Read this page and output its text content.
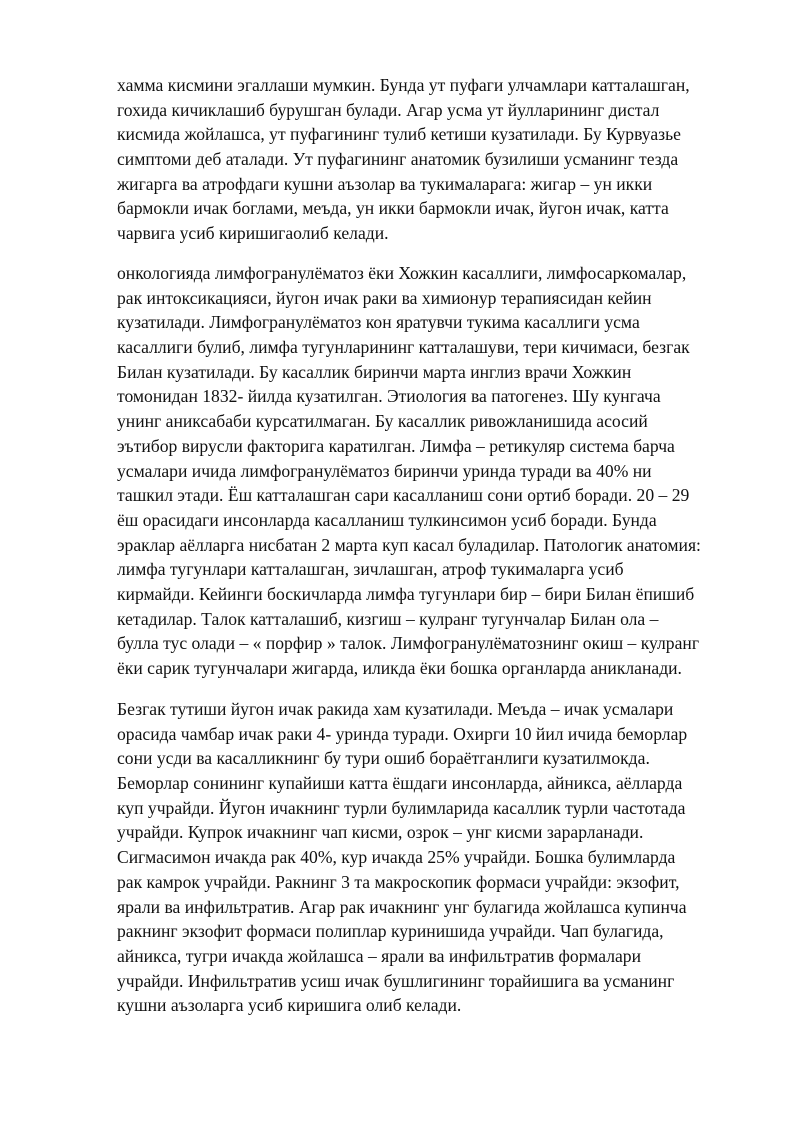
хамма кисмини эгаллаши мумкин. Бунда ут пуфаги улчамлари катталашган,
гохида кичиклашиб бурушган булади. Агар усма ут йулларининг дистал
кисмида жойлашса, ут пуфагининг тулиб кетиши кузатилади. Бу Курвуазье
симптоми деб аталади. Ут пуфагининг анатомик бузилиши усманинг тезда
жигарга ва атрофдаги кушни аъзолар ва тукималарага: жигар – ун икки
бармокли ичак боглами, меъда, ун икки бармокли ичак, йугон ичак, катта
чарвига усиб киришигаолиб келади.
онкологияда лимфогранулёматоз ёки Хожкин касаллиги, лимфосаркомалар,
рак интоксикацияси, йугон ичак раки ва химионур терапиясидан кейин
кузатилади. Лимфогранулёматоз кон яратувчи тукима касаллиги усма
касаллиги булиб, лимфа тугунларининг катталашуви, тери кичимаси, безгак
Билан кузатилади. Бу касаллик биринчи марта инглиз врачи Хожкин
томонидан 1832- йилда кузатилган. Этиология ва патогенез. Шу кунгача
унинг аниксабаби курсатилмаган. Бу касаллик ривожланишида асосий
эътибор вирусли факторига каратилган. Лимфа – ретикуляр система барча
усмалари ичида лимфогранулёматоз биринчи уринда туради ва 40% ни
ташкил этади. Ёш катталашган сари касалланиш сони ортиб боради. 20 – 29
ёш орасидаги инсонларда касалланиш тулкинсимон усиб боради. Бунда
эраклар аёлларга нисбатан 2 марта куп касал буладилар. Патологик анатомия:
лимфа тугунлари катталашган, зичлашган, атроф тукималарга усиб
кирмайди. Кейинги боскичларда лимфа тугунлари бир – бири Билан ёпишиб
кетадилар. Талок катталашиб, кизгиш – кулранг тугунчалар Билан ола –
булла тус олади – « порфир » талок. Лимфогранулёматознинг окиш – кулранг
ёки сарик тугунчалари жигарда, иликда ёки бошка органларда аникланади.
Безгак тутиши йугон ичак ракида хам кузатилади. Меъда – ичак усмалари
орасида чамбар ичак раки 4- уринда туради. Охирги 10 йил ичида беморлар
сони усди ва касалликнинг бу тури ошиб бораётганлиги кузатилмокда.
Беморлар сонининг купайиши катта ёшдаги инсонларда, айникса, аёлларда
куп учрайди. Йугон ичакнинг турли булимларида касаллик турли частотада
учрайди. Купрок ичакнинг чап кисми, озрок – унг кисми зарарланади.
Сигмасимон ичакда рак 40%, кур ичакда 25% учрайди. Бошка булимларда
рак камрок учрайди. Ракнинг 3 та макроскопик формаси учрайди: экзофит,
ярали ва инфильтратив. Агар рак ичакнинг унг булагида жойлашса купинча
ракнинг экзофит формаси полиплар куринишида учрайди. Чап булагида,
айникса, тугри ичакда жойлашса – ярали ва инфильтратив формалари
учрайди. Инфильтратив усиш ичак бушлигининг торайишига ва усманинг
кушни аъзоларга усиб киришига олиб келади.
